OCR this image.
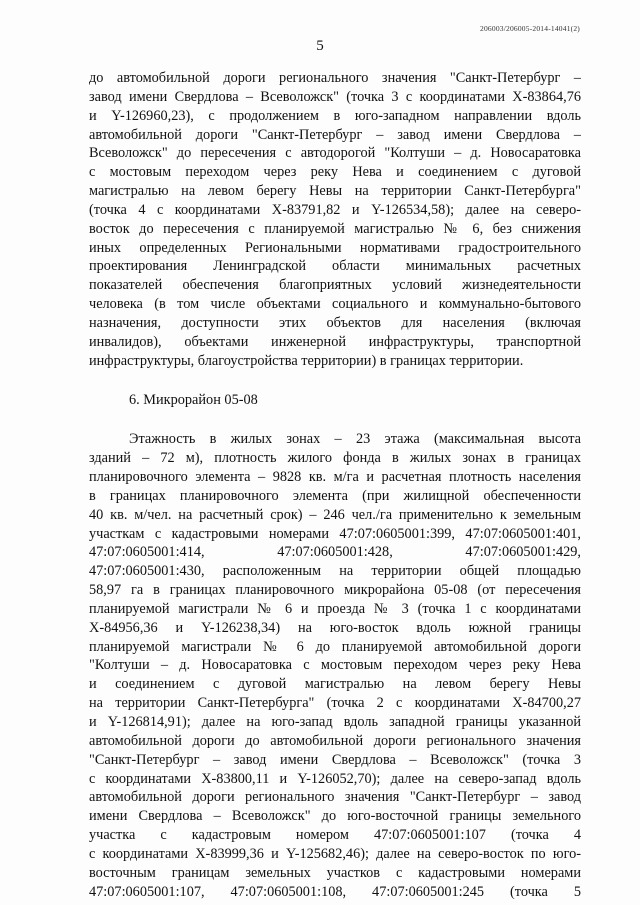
206003/206005-2014-14041(2)
5
до автомобильной дороги регионального значения "Санкт-Петербург –
завод имени Свердлова – Всеволожск" (точка 3 с координатами Х-83864,76
и Y-126960,23), с продолжением в юго-западном направлении вдоль
автомобильной дороги "Санкт-Петербург – завод имени Свердлова –
Всеволожск" до пересечения с автодорогой "Колтуши – д. Новосаратовка
с мостовым переходом через реку Нева и соединением с дуговой
магистралью на левом берегу Невы на территории Санкт-Петербурга"
(точка 4 с координатами Х-83791,82 и Y-126534,58); далее на северо-
восток до пересечения с планируемой магистралью № 6, без снижения
иных определенных Региональными нормативами градостроительного
проектирования Ленинградской области минимальных расчетных
показателей обеспечения благоприятных условий жизнедеятельности
человека (в том числе объектами социального и коммунально-бытового
назначения, доступности этих объектов для населения (включая
инвалидов), объектами инженерной инфраструктуры, транспортной
инфраструктуры, благоустройства территории) в границах территории.
6. Микрорайон 05-08
Этажность в жилых зонах – 23 этажа (максимальная высота
зданий – 72 м), плотность жилого фонда в жилых зонах в границах
планировочного элемента – 9828 кв. м/га и расчетная плотность населения
в границах планировочного элемента (при жилищной обеспеченности
40 кв. м/чел. на расчетный срок) – 246 чел./га применительно к земельным
участкам с кадастровыми номерами 47:07:0605001:399, 47:07:0605001:401,
47:07:0605001:414, 47:07:0605001:428, 47:07:0605001:429,
47:07:0605001:430, расположенным на территории общей площадью
58,97 га в границах планировочного микрорайона 05-08 (от пересечения
планируемой магистрали № 6 и проезда № 3 (точка 1 с координатами
Х-84956,36 и Y-126238,34) на юго-восток вдоль южной границы
планируемой магистрали № 6 до планируемой автомобильной дороги
"Колтуши – д. Новосаратовка с мостовым переходом через реку Нева
и соединением с дуговой магистралью на левом берегу Невы
на территории Санкт-Петербурга" (точка 2 с координатами Х-84700,27
и Y-126814,91); далее на юго-запад вдоль западной границы указанной
автомобильной дороги до автомобильной дороги регионального значения
"Санкт-Петербург – завод имени Свердлова – Всеволожск" (точка 3
с координатами Х-83800,11 и Y-126052,70); далее на северо-запад вдоль
автомобильной дороги регионального значения "Санкт-Петербург – завод
имени Свердлова – Всеволожск" до юго-восточной границы земельного
участка с кадастровым номером 47:07:0605001:107 (точка 4
с координатами Х-83999,36 и Y-125682,46); далее на северо-восток по юго-
восточным границам земельных участков с кадастровыми номерами
47:07:0605001:107, 47:07:0605001:108, 47:07:0605001:245 (точка 5
